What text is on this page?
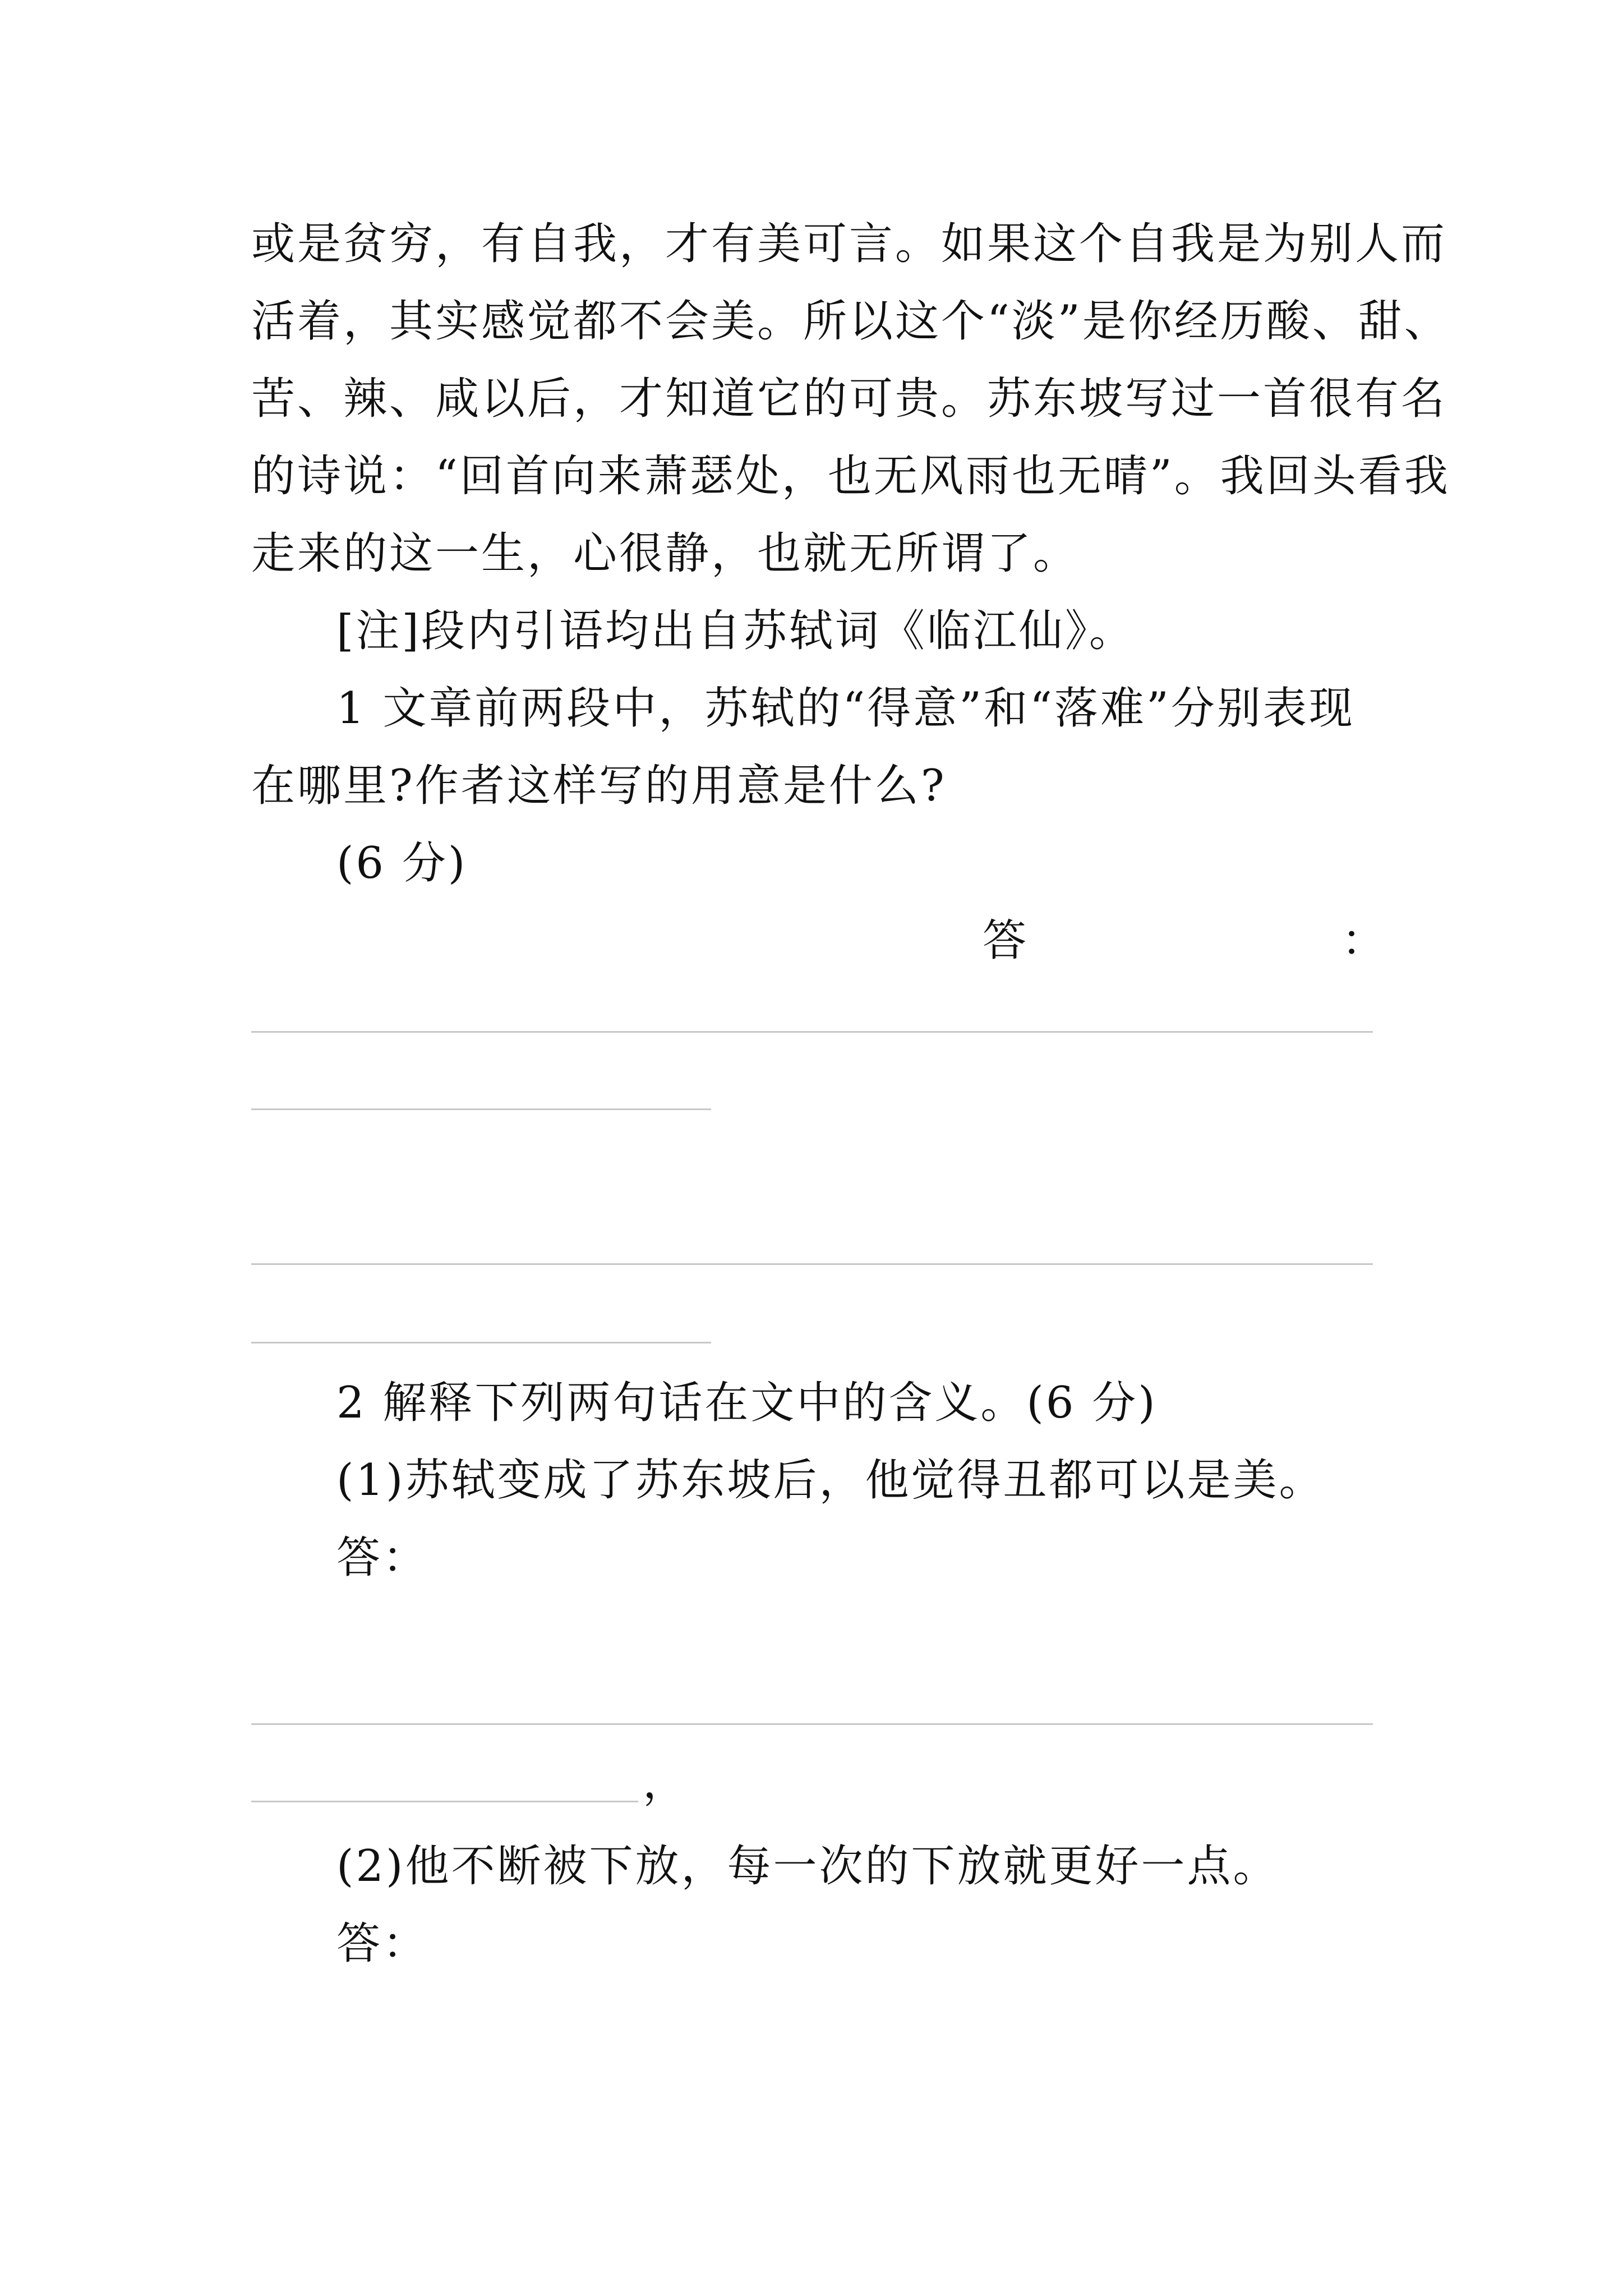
或是贫穷，有自我，才有美可言。如果这个自我是为别人而
活着，其实感觉都不会美。所以这个“淡”是你经历酸、甜、
苦、辣、咸以后，才知道它的可贵。苏东坡写过一首很有名
的诗说：“回首向来萧瑟处，也无风雨也无晴”。我回头看我
走来的这一生，心很静，也就无所谓了。
[注]段内引语均出自苏轼词《临江仙》。
1 文章前两段中，苏轼的“得意”和“落难”分别表现
在哪里?作者这样写的用意是什么?
(6 分)
答	：
2 解释下列两句话在文中的含义。(6 分)
(1)苏轼变成了苏东坡后，他觉得丑都可以是美。
答：
，
(2)他不断被下放，每一次的下放就更好一点。
答：
